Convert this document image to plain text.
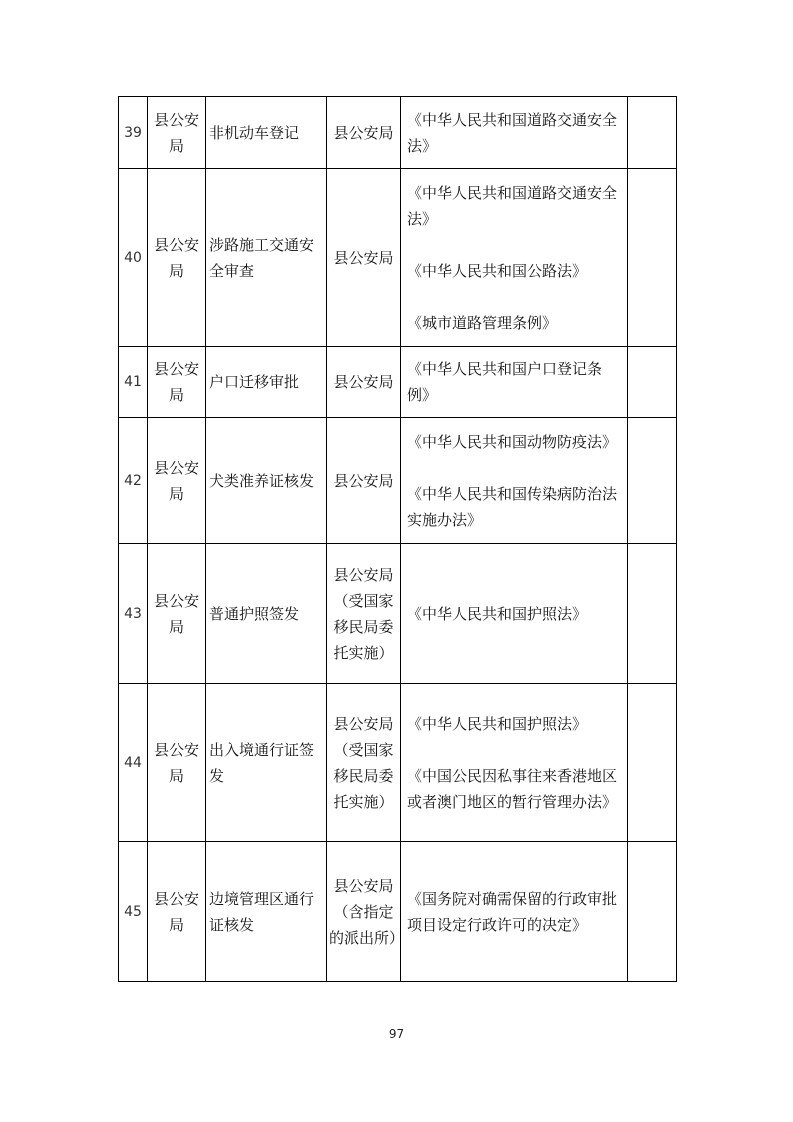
39	县公安局	非机动车登记	县公安局	《中华人民共和国道路交通安全法》	

40	县公安局	涉路施工交通安全审查	县公安局	《中华人民共和国道路交通安全法》
《中华人民共和国公路法》
《城市道路管理条例》	

41	县公安局	户口迁移审批	县公安局	《中华人民共和国户口登记条例》	

42	县公安局	犬类准养证核发	县公安局	《中华人民共和国动物防疫法》
《中华人民共和国传染病防治法实施办法》	

43	县公安局	普通护照签发	县公安局（受国家移民局委托实施）	《中华人民共和国护照法》	

44	县公安局	出入境通行证签发	县公安局（受国家移民局委托实施）	《中华人民共和国护照法》
《中国公民因私事往来香港地区或者澳门地区的暂行管理办法》	

45	县公安局	边境管理区通行证核发	县公安局（含指定的派出所）	《国务院对确需保留的行政审批项目设定行政许可的决定》	

97
